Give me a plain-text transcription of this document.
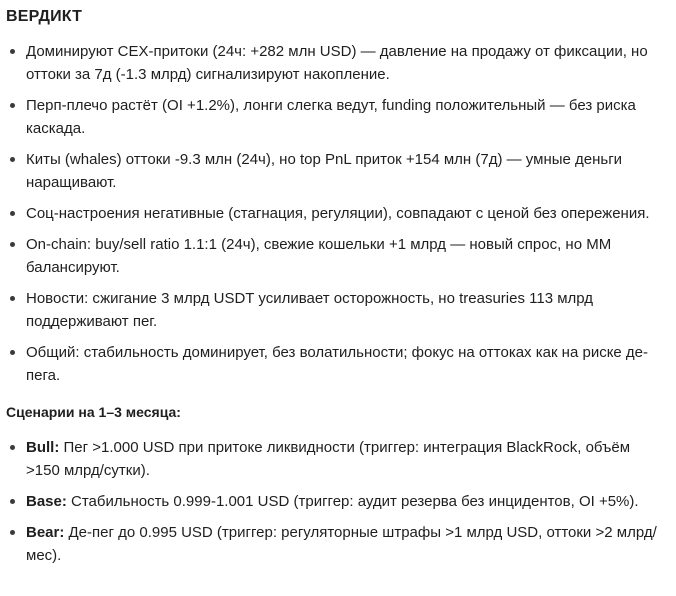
ВЕРДИКТ
Доминируют CEX-притоки (24ч: +282 млн USD) — давление на продажу от фиксации, но оттоки за 7д (-1.3 млрд) сигнализируют накопление.
Перп-плечо растёт (OI +1.2%), лонги слегка ведут, funding положительный — без риска каскада.
Киты (whales) оттоки -9.3 млн (24ч), но top PnL приток +154 млн (7д) — умные деньги наращивают.
Соц-настроения негативные (стагнация, регуляции), совпадают с ценой без опережения.
On-chain: buy/sell ratio 1.1:1 (24ч), свежие кошельки +1 млрд — новый спрос, но ММ балансируют.
Новости: сжигание 3 млрд USDT усиливает осторожность, но treasuries 113 млрд поддерживают пег.
Общий: стабильность доминирует, без волатильности; фокус на оттоках как на риске де-пега.
Сценарии на 1–3 месяца:
Bull: Пег >1.000 USD при притоке ликвидности (триггер: интеграция BlackRock, объём >150 млрд/сутки).
Base: Стабильность 0.999-1.001 USD (триггер: аудит резерва без инцидентов, OI +5%).
Bear: Де-пег до 0.995 USD (триггер: регуляторные штрафы >1 млрд USD, оттоки >2 млрд/мес).
